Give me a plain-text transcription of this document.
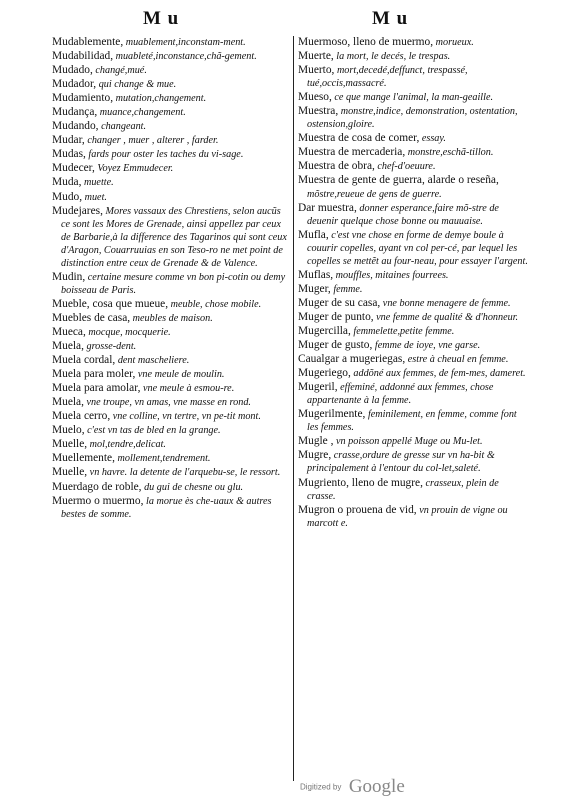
M u	M u

Mudablemente, muablement,inconstam-ment.

Mudabilidad, muableté,inconstance,chã-gement.

Mudado, changé,mué.

Mudador, qui change & mue.

Mudamiento, mutation,changement.

Mudança, muance,changement.

Mudando, changeant.

Mudar, changer , muer , alterer , farder.

Mudas, fards pour oster les taches du vi-sage.

Mudecer, Voyez Emmudecer.

Muda, muette.

Mudo, muet.

Mudejares, Mores vassaux des Chrestiens, selon aucũs ce sont les Mores de Grenade, ainsi appellez par ceux de Barbarie,à la difference des Tagarinos qui sont ceux d'Aragon, Couarruuias en son Teso-ro ne met point de distinction entre ceux de Grenade & de Valence.

Mudin, certaine mesure comme vn bon pi-cotin ou demy boisseau de Paris.

Mueble, cosa que mueue, meuble, chose mobile.

Muebles de casa, meubles de maison.

Mueca, mocque, mocquerie.

Muela, grosse-dent.

Muela cordal, dent mascheliere.

Muela para moler, vne meule de moulin.

Muela para amolar, vne meule à esmou-re.

Muela, vne troupe, vn amas, vne masse en rond.

Muela cerro, vne colline, vn tertre, vn pe-tit mont.

Muelo, c'est vn tas de bled en la grange.

Muelle, mol,tendre,delicat.

Muellemente, mollement,tendrement.

Muelle, vn havre. la detente de l'arquebu-se, le ressort.

Muerdago de roble, du gui de chesne ou glu.

Muermo o muermo, la morue ès che-uaux & autres bestes de somme.

Muermoso, lleno de muermo, morueux.

Muerte, la mort, le decés, le trespas.

Muerto, mort,decedé,deffunct, trespassé, tué,occis,massacré.

Mueso, ce que mange l'animal, la man-geaille.

Muestra, monstre,indice, demonstration, ostentation, ostension,gloire.

Muestra de cosa de comer, essay.

Muestra de mercaderia, monstre,eschã-tillon.

Muestra de obra, chef-d'oeuure.

Muestra de gente de guerra, alarde o reseña, mõstre,reueue de gens de guerre.

Dar muestra, donner esperance,faire mõ-stre de deuenir quelque chose bonne ou mauuaise.

Mufla, c'est vne chose en forme de demye boule à couurir copelles, ayant vn col per-cé, par lequel les copelles se mettẽt au four-neau, pour essayer l'argent.

Muflas, mouffles, mitaines fourrees.

Muger, femme.

Muger de su casa, vne bonne menagere de femme.

Muger de punto, vne femme de qualité & d'honneur.

Mugercilla, femmelette,petite femme.

Muger de gusto, femme de ioye, vne garse.

Caualgar a mugeriegas, estre à cheual en femme.

Mugeriego, addõné aux femmes, de fem-mes, dameret.

Mugeril, effeminé, addonné aux femmes, chose appartenante à la femme.

Mugerilmente, feminilement, en femme, comme font les femmes.

Mugle , vn poisson appellé Muge ou Mu-let.

Mugre, crasse,ordure de gresse sur vn ha-bit & principalement à l'entour du col-let,saleté.

Mugriento, lleno de mugre, crasseux, plein de crasse.

Mugron o prouena de vid, vn prouin de vigne ou marcott e.

Digitized by Google
